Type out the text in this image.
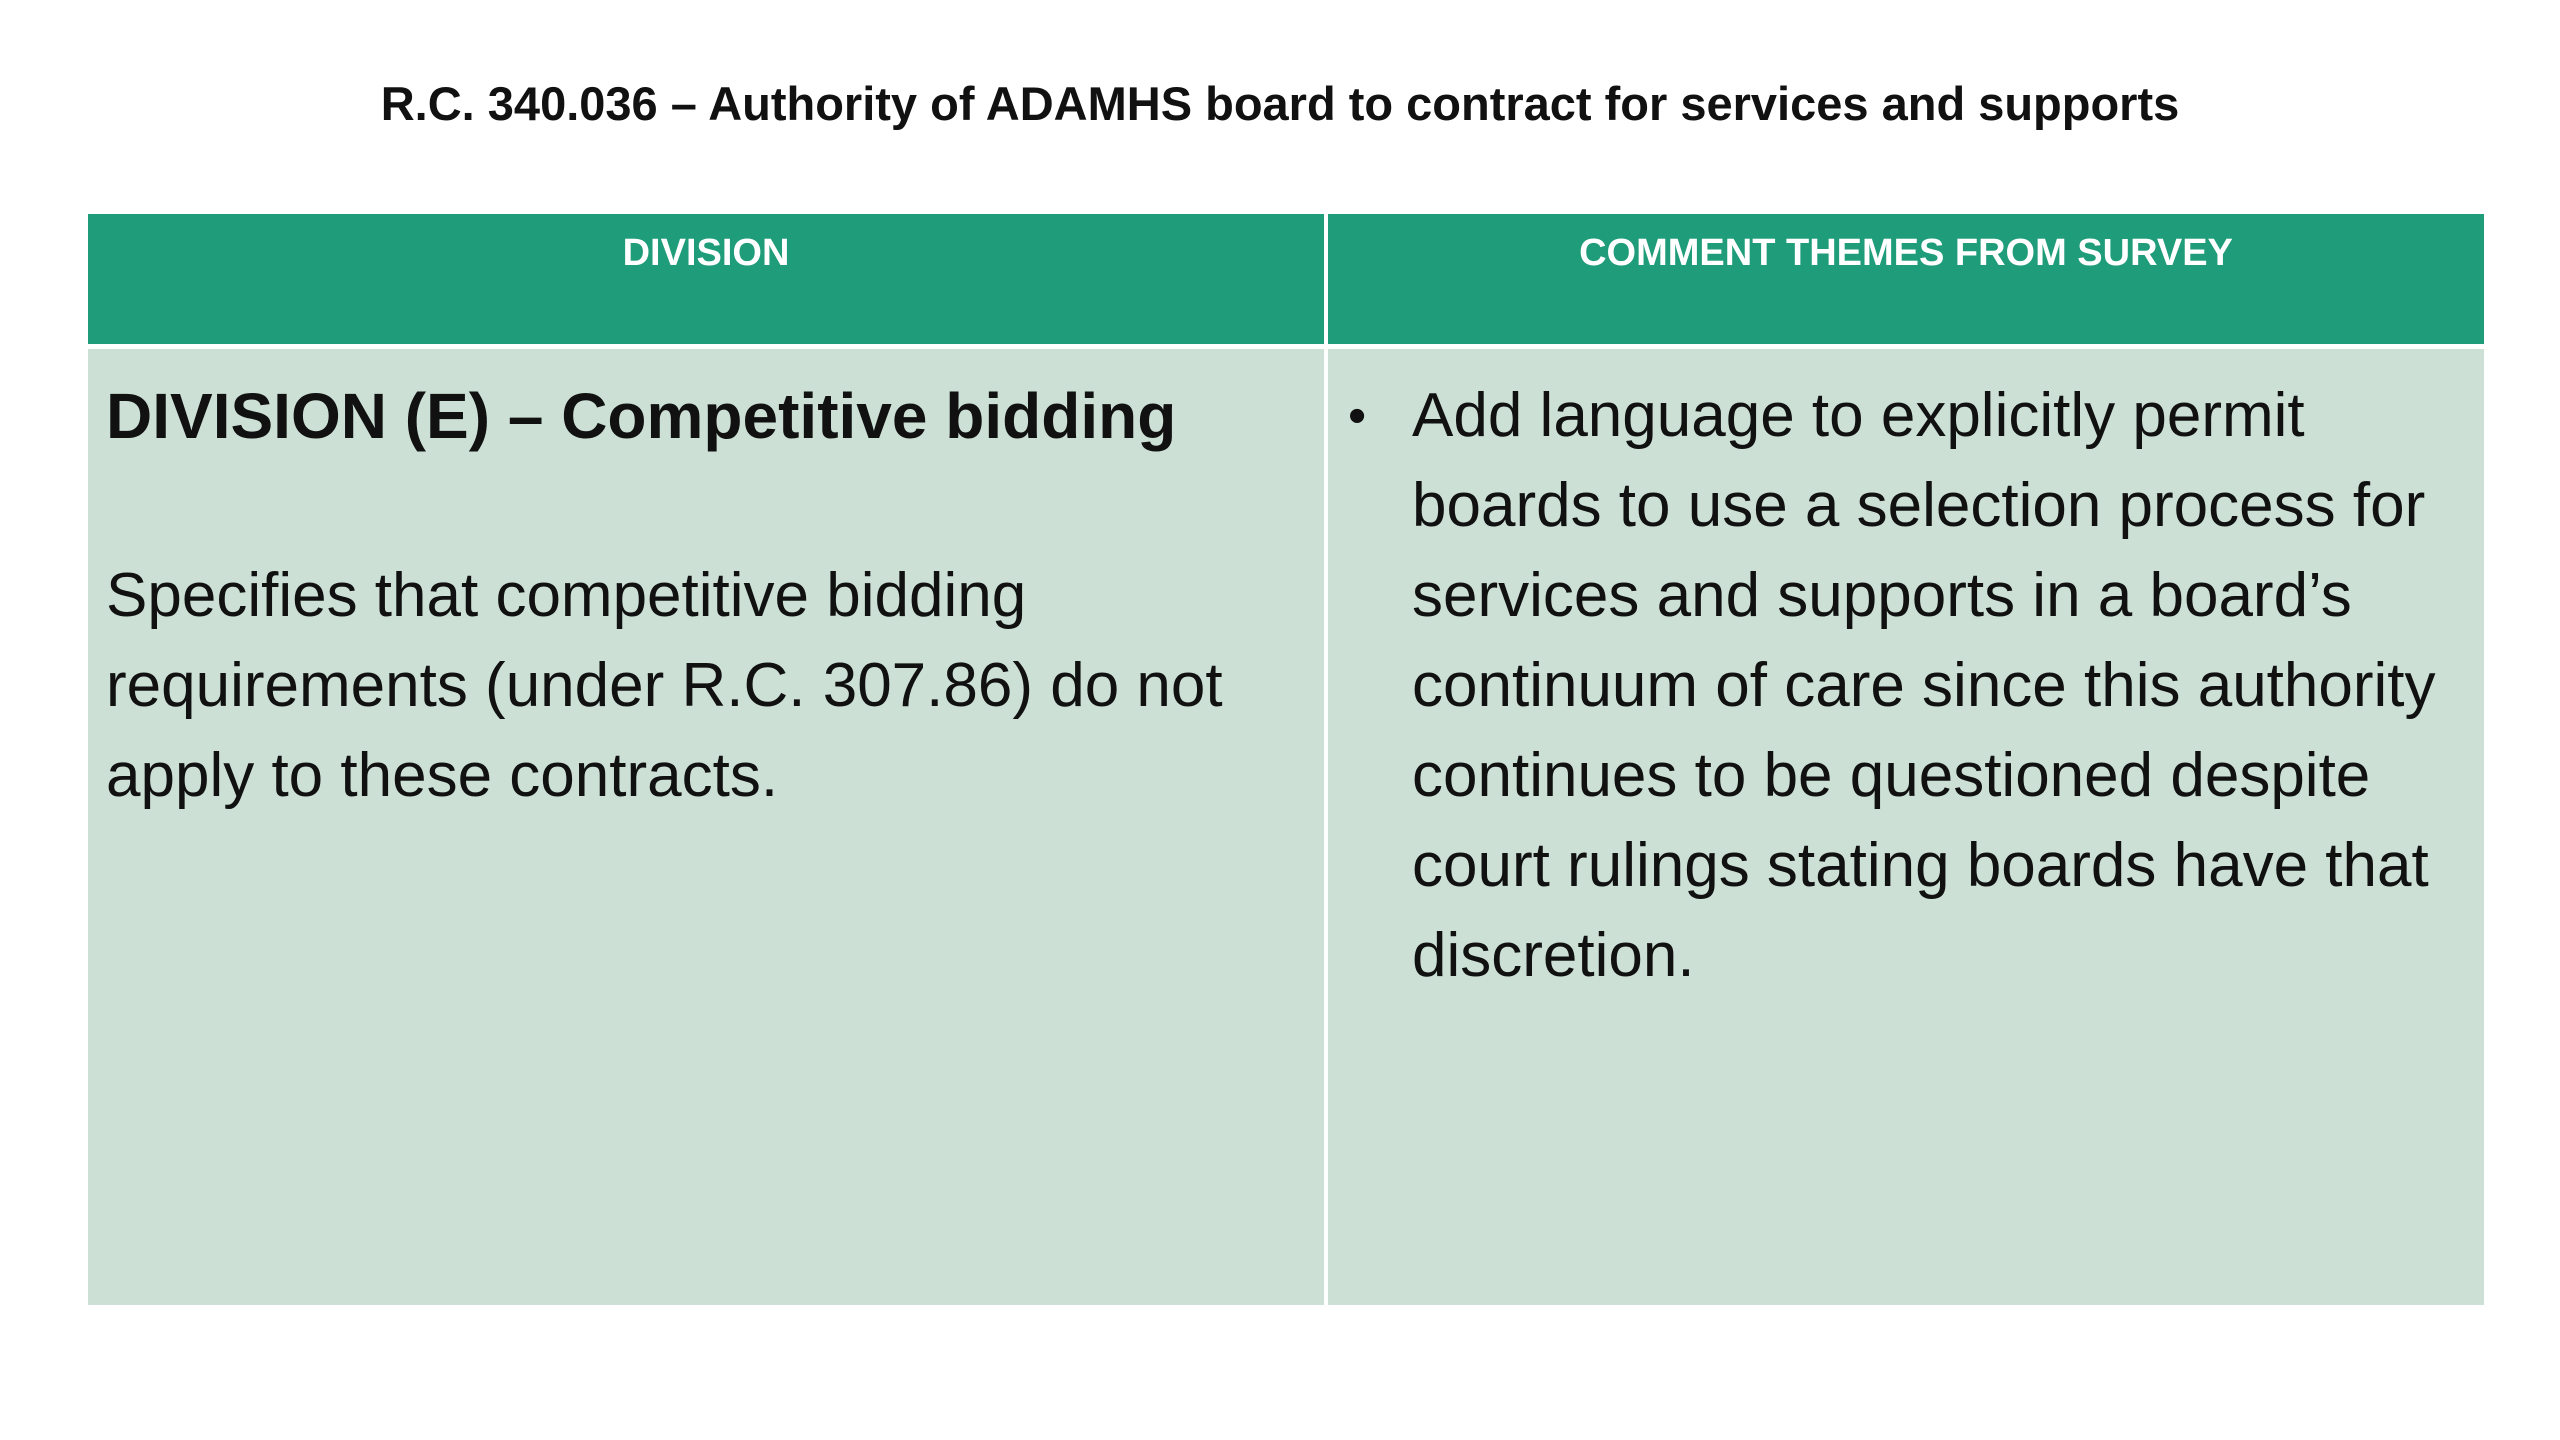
R.C. 340.036 – Authority of ADAMHS board to contract for services and supports
DIVISION	COMMENT THEMES FROM SURVEY

DIVISION (E) – Competitive bidding

Specifies that competitive bidding requirements (under R.C. 307.86) do not apply to these contracts.

• Add language to explicitly permit boards to use a selection process for services and supports in a board’s continuum of care since this authority continues to be questioned despite court rulings stating boards have that discretion.
